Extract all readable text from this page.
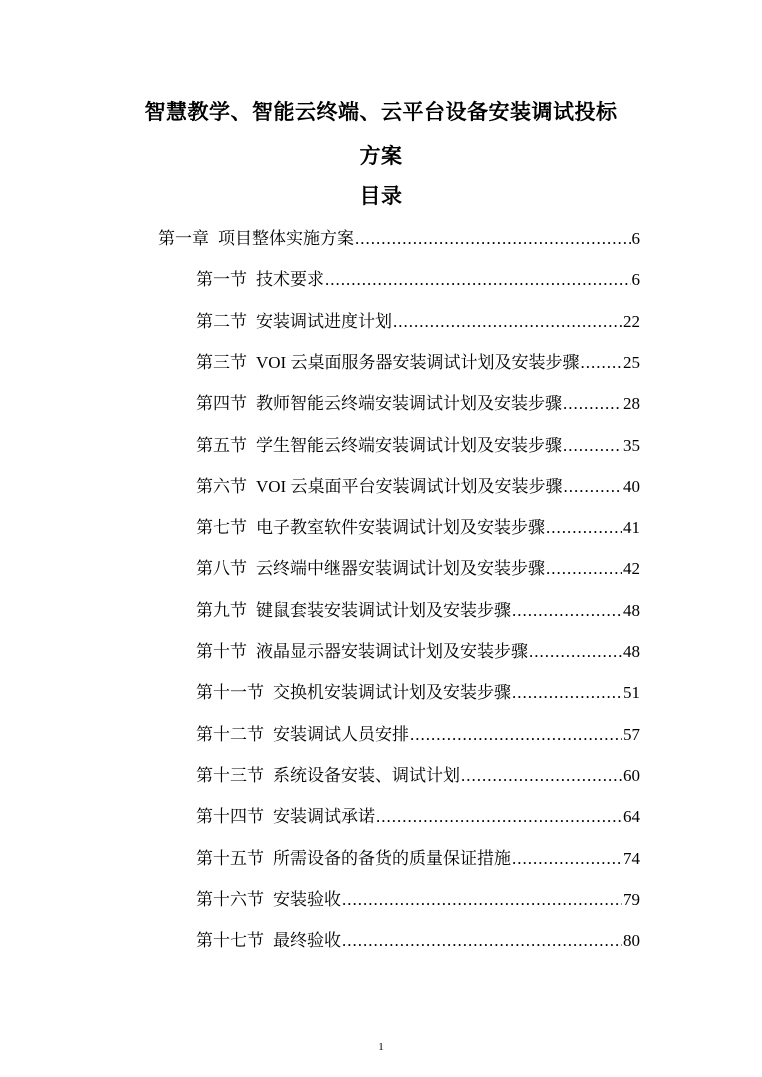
智慧教学、智能云终端、云平台设备安装调试投标
方案
目录
第一章 项目整体实施方案 .....	6
第一节 技术要求 .....	6
第二节 安装调试进度计划 .....	22
第三节 VOI 云桌面服务器安装调试计划及安装步骤 .....	25
第四节 教师智能云终端安装调试计划及安装步骤 .....	28
第五节 学生智能云终端安装调试计划及安装步骤 .....	35
第六节 VOI 云桌面平台安装调试计划及安装步骤 .....	40
第七节 电子教室软件安装调试计划及安装步骤 .....	41
第八节 云终端中继器安装调试计划及安装步骤 .....	42
第九节 键鼠套装安装调试计划及安装步骤 .....	48
第十节 液晶显示器安装调试计划及安装步骤 .....	48
第十一节 交换机安装调试计划及安装步骤 .....	51
第十二节 安装调试人员安排 .....	57
第十三节 系统设备安装、调试计划 .....	60
第十四节 安装调试承诺 .....	64
第十五节 所需设备的备货的质量保证措施 .....	74
第十六节 安装验收 .....	79
第十七节 最终验收 .....	80
1
